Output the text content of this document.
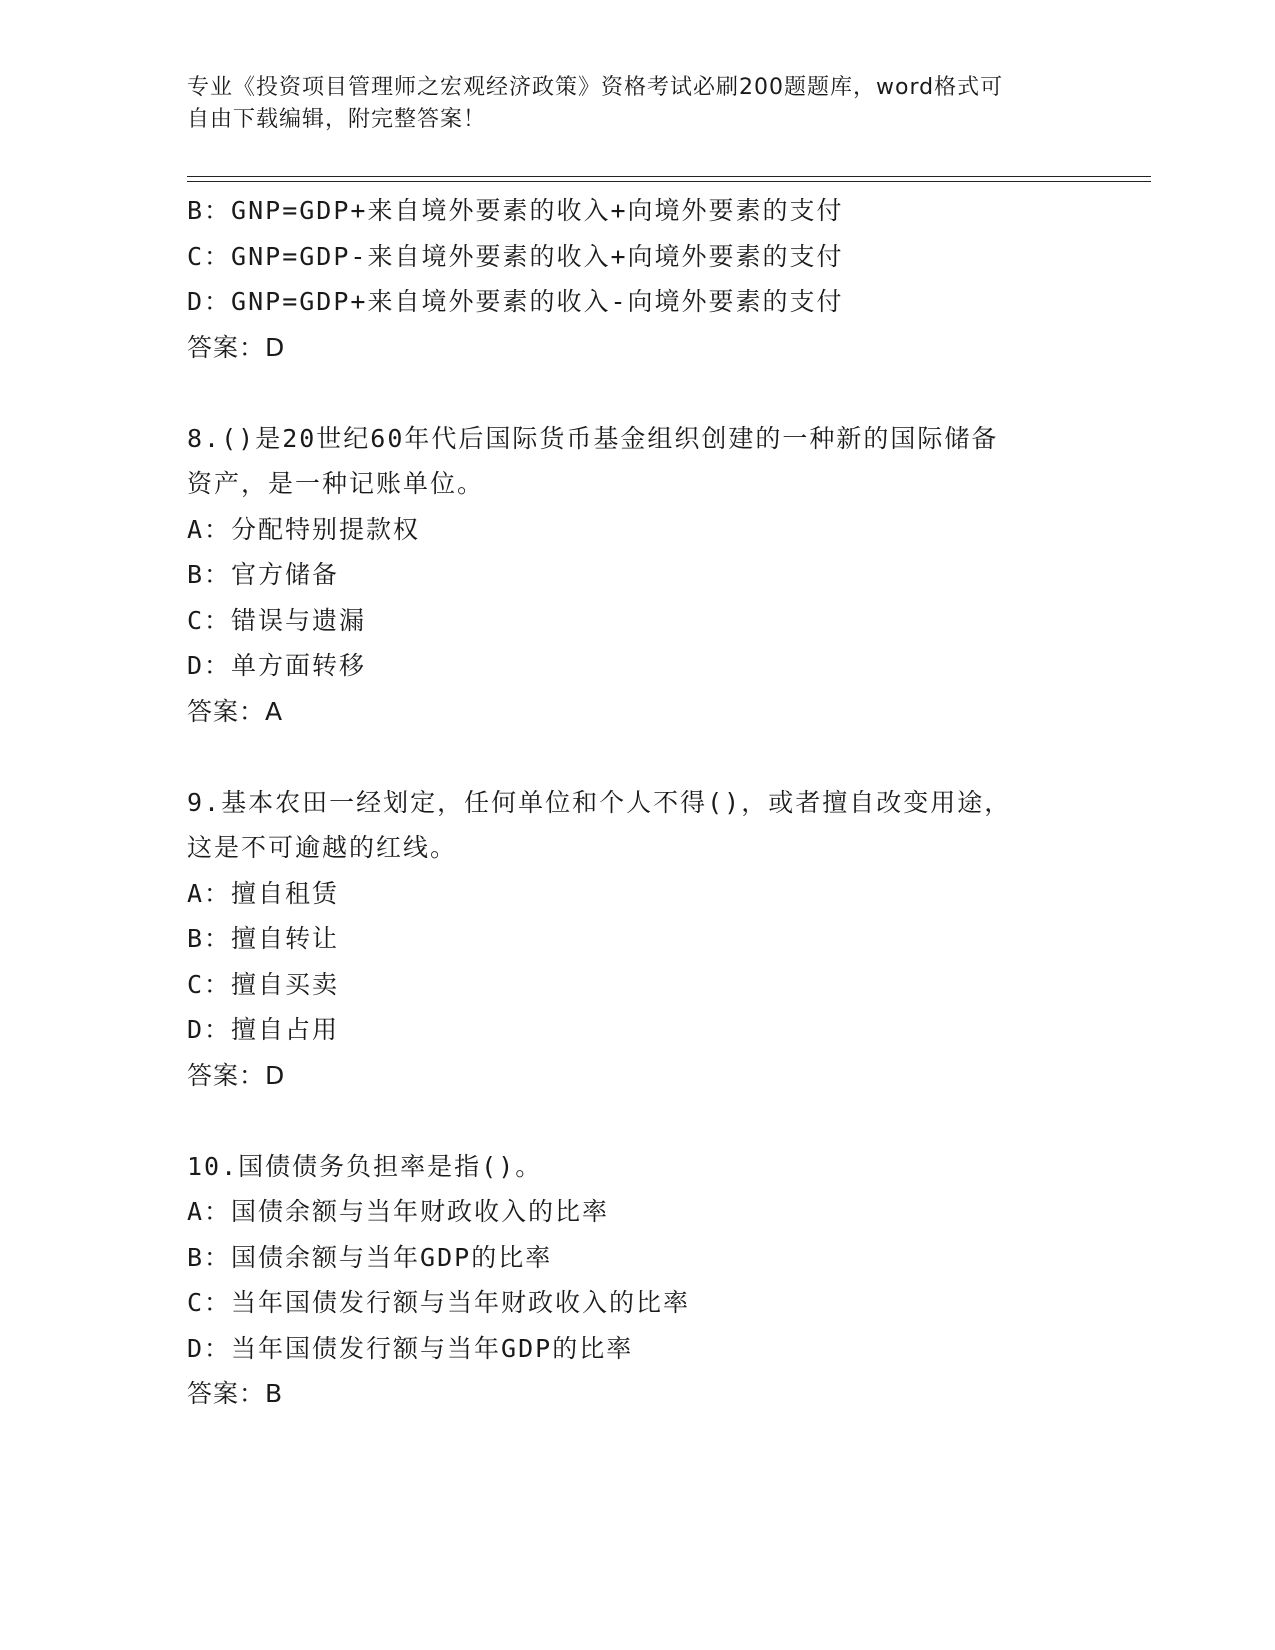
专业《投资项目管理师之宏观经济政策》资格考试必刷200题题库，word格式可
自由下载编辑，附完整答案！
B：GNP=GDP+来自境外要素的收入+向境外要素的支付
C：GNP=GDP-来自境外要素的收入+向境外要素的支付
D：GNP=GDP+来自境外要素的收入-向境外要素的支付
答案：D
8.()是20世纪60年代后国际货币基金组织创建的一种新的国际储备
资产，是一种记账单位。
A：分配特别提款权
B：官方储备
C：错误与遗漏
D：单方面转移
答案：A
9.基本农田一经划定，任何单位和个人不得()，或者擅自改变用途，
这是不可逾越的红线。
A：擅自租赁
B：擅自转让
C：擅自买卖
D：擅自占用
答案：D
10.国债债务负担率是指()。
A：国债余额与当年财政收入的比率
B：国债余额与当年GDP的比率
C：当年国债发行额与当年财政收入的比率
D：当年国债发行额与当年GDP的比率
答案：B
